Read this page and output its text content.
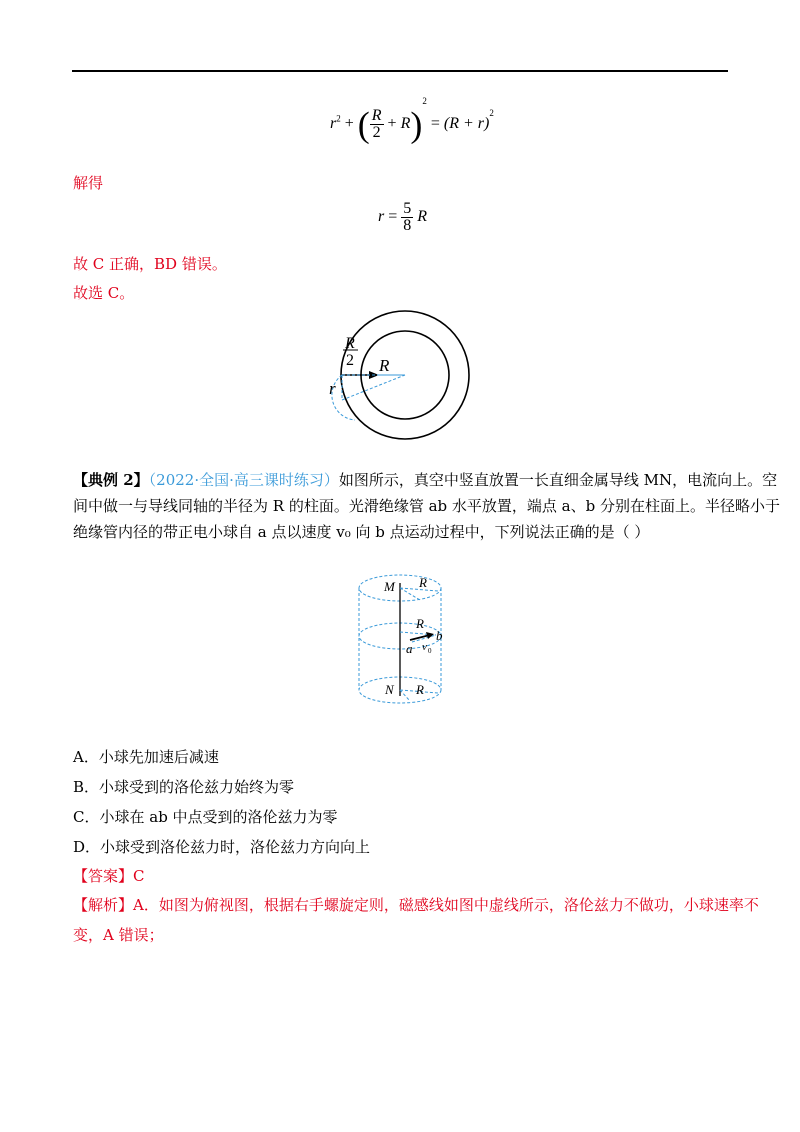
$r^2$ + ( $\frac{R}{2} + R)^2 = (R + r)^2$
解得
$r = \frac{5}{8}$ R
故 C 正确，BD 错误。
故选 C。
R
2 R
r
【典例 2】（2022·全国·高三课时练习）如图所示，真空中竖直放置一长直细金属导线 MN，电流向上。空
间中做一与导线同轴的半径为 R 的柱面。光滑绝缘管 ab 水平放置，端点 a、b 分别在柱面上。半径略小于
绝缘管内径的带正电小球自 a 点以速度 v₀ 向 b 点运动过程中，下列说法正确的是（ ）
M R
R
b
a v 0
N R
A．小球先加速后减速
B．小球受到的洛伦兹力始终为零
C．小球在 ab 中点受到的洛伦兹力为零
D．小球受到洛伦兹力时，洛伦兹力方向向上
【答案】C
【解析】A．如图为俯视图，根据右手螺旋定则，磁感线如图中虚线所示，洛伦兹力不做功，小球速率不
变，A 错误；
